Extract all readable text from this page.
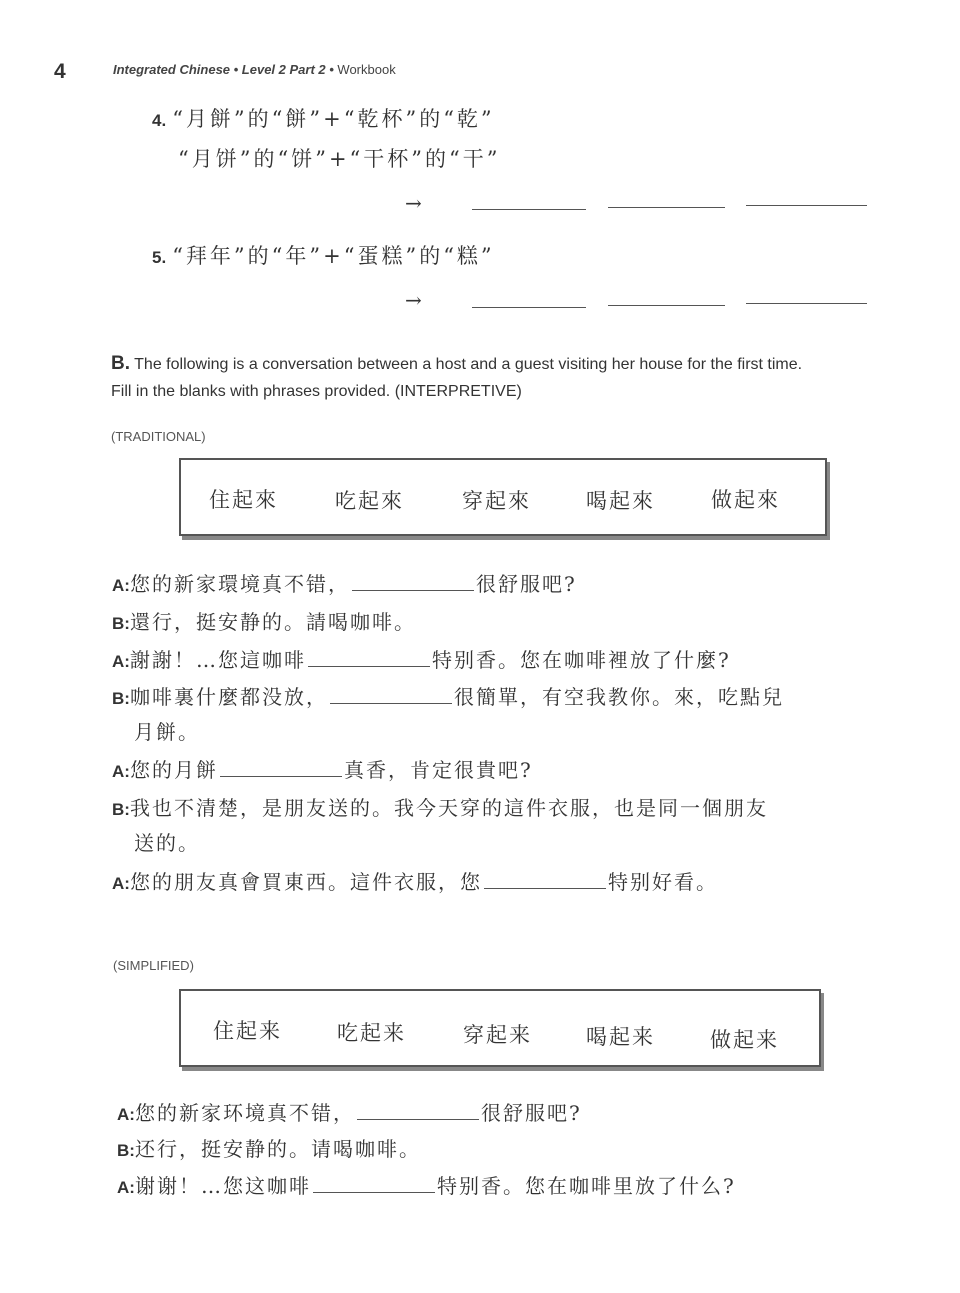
4	Integrated Chinese • Level 2 Part 2 • Workbook
4. “月餅”的“餅”+“乾杯”的“乾”
“月饼”的“饼”+“干杯”的“干”
→
5. “拜年”的“年”+“蛋糕”的“糕”
→
B. The following is a conversation between a host and a guest visiting her house for the first time.
Fill in the blanks with phrases provided. (INTERPRETIVE)
(TRADITIONAL)
住起來	吃起來	穿起來	喝起來	做起來
A:您的新家環境真不错，	很舒服吧?
B:還行，挺安静的。請喝咖啡。
A:謝謝！…您這咖啡	特别香。您在咖啡裡放了什麼?
B:咖啡裏什麼都没放，	很簡單，有空我教你。來，吃點兒
月餅。
A:您的月餅	真香，肯定很貴吧?
B:我也不清楚，是朋友送的。我今天穿的這件衣服，也是同一個朋友
送的。
A:您的朋友真會買東西。這件衣服，您	特别好看。
(SIMPLIFIED)
住起来	吃起来	穿起来	喝起来	做起来
A:您的新家环境真不错，	很舒服吧?
B:还行，挺安静的。请喝咖啡。
A:谢谢！…您这咖啡	特别香。您在咖啡里放了什么?
